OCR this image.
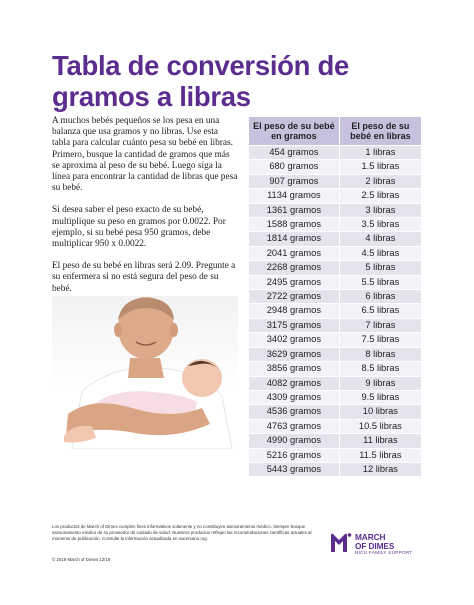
Tabla de conversión de gramos a libras

A muchos bebés pequeños se los pesa en una balanza que usa gramos y no libras. Use esta tabla para calcular cuánto pesa su bebé en libras. Primero, busque la cantidad de gramos que más se aproxima al peso de su bebé. Luego siga la línea para encontrar la cantidad de libras que pesa su bebé.

Si desea saber el peso exacto de su bebé, multiplique su peso en gramos por 0.0022. Por ejemplo, si su bebé pesa 950 gramos, debe multiplicar 950 x 0.0022.

El peso de su bebé en libras será 2.09. Pregunte a su enfermera si no está segura del peso de su bebé.

El peso de su bebé en gramos	El peso de su bebé en libras
454 gramos	1 libras
680 gramos	1.5 libras
907 gramos	2 libras
1134 gramos	2.5 libras
1361 gramos	3 libras
1588 gramos	3.5 libras
1814 gramos	4 libras
2041 gramos	4.5 libras
2268 gramos	5 libras
2495 gramos	5.5 libras
2722 gramos	6 libras
2948 gramos	6.5 libras
3175 gramos	7 libras
3402 gramos	7.5 libras
3629 gramos	8 libras
3856 gramos	8.5 libras
4082 gramos	9 libras
4309 gramos	9.5 libras
4536 gramos	10 libras
4763 gramos	10.5 libras
4990 gramos	11 libras
5216 gramos	11.5 libras
5443 gramos	12 libras
Los productos de March of Dimes cumplen fines informativos solamente y no constituyen asesoramiento médico. Siempre busque asesoramiento médico de su proveedor de cuidado de salud. Nuestros productos reflejan las recomendaciones científicas actuales al momento de publicación. Consulte la información actualizada en nacersano.org.
© 2019 March of Dimes 12/19
MARCH
OF DIMES
NICU FAMILY SUPPORT
